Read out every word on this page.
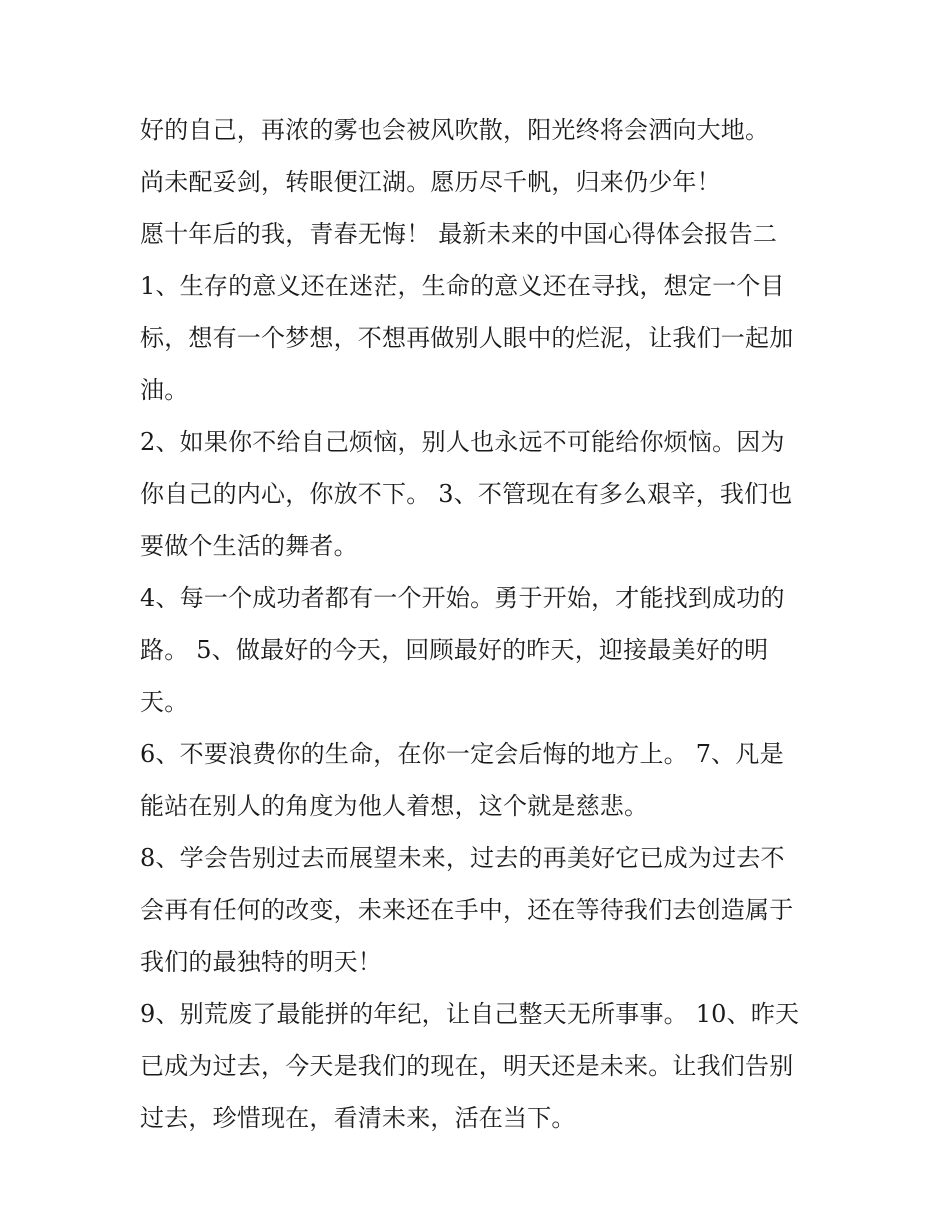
好的自己，再浓的雾也会被风吹散，阳光终将会洒向大地。
尚未配妥剑，转眼便江湖。愿历尽千帆，归来仍少年！
愿十年后的我，青春无悔！ 最新未来的中国心得体会报告二
1、生存的意义还在迷茫，生命的意义还在寻找，想定一个目
标，想有一个梦想，不想再做别人眼中的烂泥，让我们一起加
油。
2、如果你不给自己烦恼，别人也永远不可能给你烦恼。因为
你自己的内心，你放不下。 3、不管现在有多么艰辛，我们也
要做个生活的舞者。
4、每一个成功者都有一个开始。勇于开始，才能找到成功的
路。 5、做最好的今天，回顾最好的昨天，迎接最美好的明
天。
6、不要浪费你的生命，在你一定会后悔的地方上。 7、凡是
能站在别人的角度为他人着想，这个就是慈悲。
8、学会告别过去而展望未来，过去的再美好它已成为过去不
会再有任何的改变，未来还在手中，还在等待我们去创造属于
我们的最独特的明天！
9、别荒废了最能拼的年纪，让自己整天无所事事。 10、昨天
已成为过去，今天是我们的现在，明天还是未来。让我们告别
过去，珍惜现在，看清未来，活在当下。
